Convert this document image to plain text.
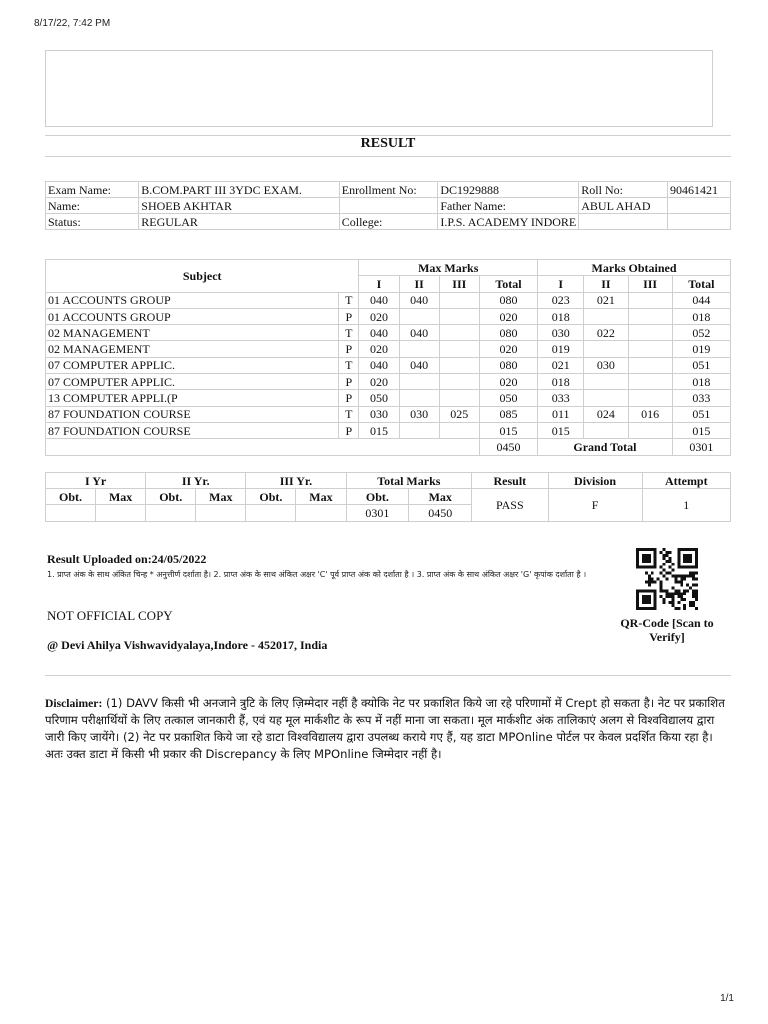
8/17/22, 7:42 PM
RESULT
Exam Name:	B.COM.PART III 3YDC EXAM.	Enrollment No:	DC1929888	Roll No:	90461421
Name:	SHOEB AKHTAR		Father Name:	ABUL AHAD	
Status:	REGULAR	College:	I.P.S. ACADEMY INDORE		
Subject		Max Marks				Marks Obtained			
		I	II	III	Total	I	II	III	Total
01 ACCOUNTS GROUP	T	040	040		080	023	021		044
01 ACCOUNTS GROUP	P	020			020	018			018
02 MANAGEMENT	T	040	040		080	030	022		052
02 MANAGEMENT	P	020			020	019			019
07 COMPUTER APPLIC.	T	040	040		080	021	030		051
07 COMPUTER APPLIC.	P	020			020	018			018
13 COMPUTER APPLI.(P	P	050			050	033			033
87 FOUNDATION COURSE	T	030	030	025	085	011	024	016	051
87 FOUNDATION COURSE	P	015			015	015			015
					0450	Grand Total			0301
I Yr		II Yr.		III Yr.		Total Marks		Result	Division	Attempt
Obt.	Max	Obt.	Max	Obt.	Max	Obt.	Max	PASS	F	1
						0301	0450			
Result Uploaded on:24/05/2022
1. प्राप्त अंक के साथ अंकित चिन्ह * अनुत्तीर्ण दर्शाता है। 2. प्राप्त अंक के साथ अंकित अक्षर 'C' पूर्व प्राप्त अंक को दर्शाता है । 3. प्राप्त अंक के साथ अंकित अक्षर 'G' कृपांक दर्शाता है ।
NOT OFFICIAL COPY
@ Devi Ahilya Vishwavidyalaya,Indore - 452017, India
QR-Code [Scan to Verify]
Disclaimer: (1) DAVV किसी भी अनजाने त्रुटि के लिए ज़िम्मेदार नहीं है क्योकि नेट पर प्रकाशित किये जा रहे परिणामों में Crept हो सकता है। नेट पर प्रकाशित परिणाम परीक्षार्थियों के लिए तत्काल जानकारी हैं, एवं यह मूल मार्कशीट के रूप में नहीं माना जा सकता। मूल मार्कशीट अंक तालिकाएं अलग से विश्वविद्यालय द्वारा जारी किए जायेंगे। (2) नेट पर प्रकाशित किये जा रहे डाटा विश्वविद्यालय द्वारा उपलब्ध कराये गए हैं, यह डाटा MPOnline पोर्टल पर केवल प्रदर्शित किया रहा है। अतः उक्त डाटा में किसी भी प्रकार की Discrepancy के लिए MPOnline जिम्मेदार नहीं है।
1/1
